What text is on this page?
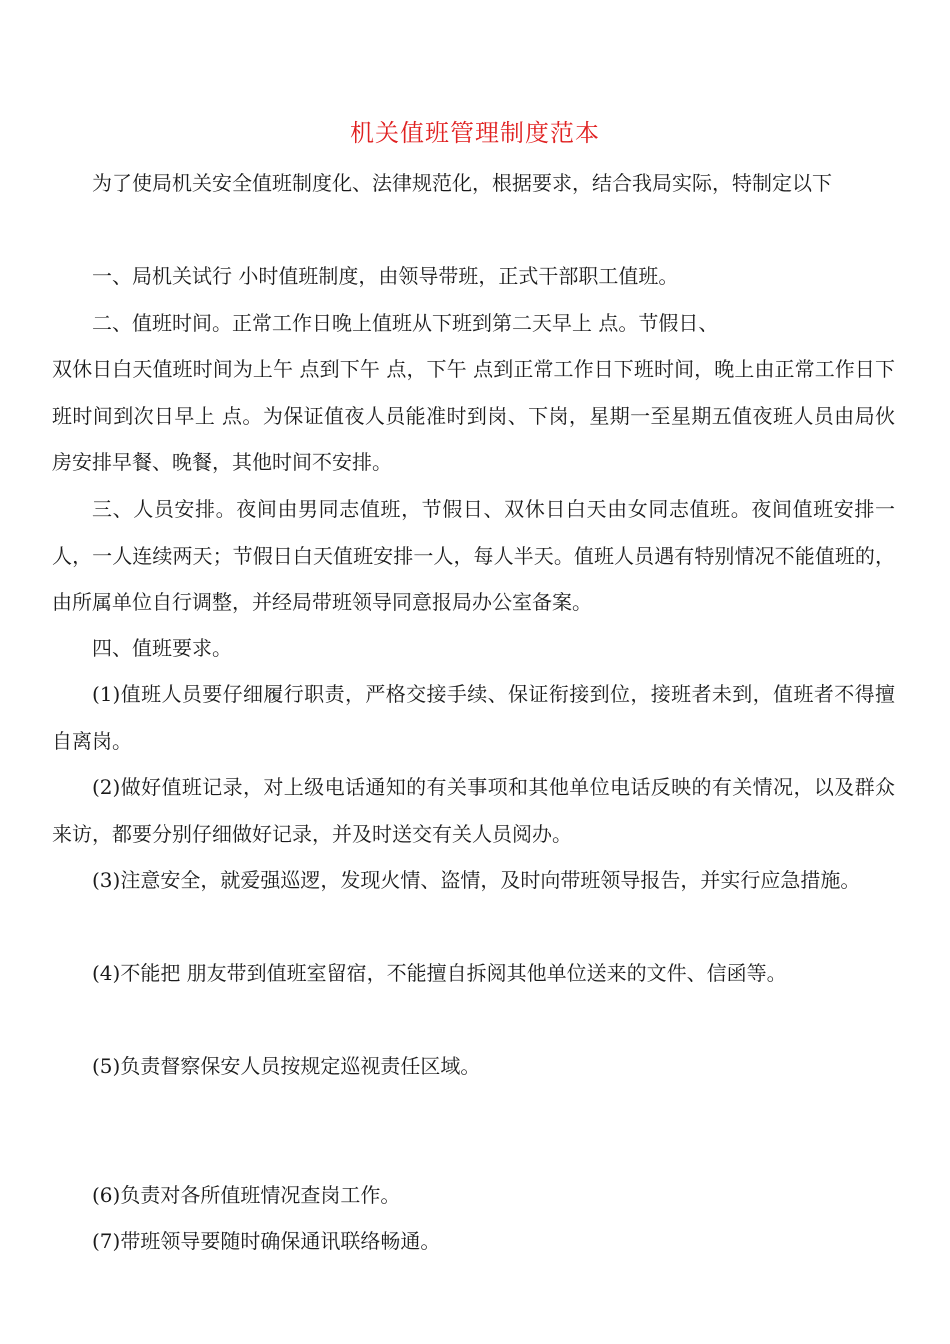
机关值班管理制度范本

为了使局机关安全值班制度化、法律规范化，根据要求，结合我局实际，特制定以下

一、局机关试行 小时值班制度，由领导带班，正式干部职工值班。

二、值班时间。正常工作日晚上值班从下班到第二天早上 点。节假日、

双休日白天值班时间为上午 点到下午 点，下午 点到正常工作日下班时间，晚上由正常工作日下班时间到次日早上 点。为保证值夜人员能准时到岗、下岗，星期一至星期五值夜班人员由局伙房安排早餐、晚餐，其他时间不安排。

三、人员安排。夜间由男同志值班，节假日、双休日白天由女同志值班。夜间值班安排一人，一人连续两天；节假日白天值班安排一人，每人半天。值班人员遇有特别情况不能值班的，由所属单位自行调整，并经局带班领导同意报局办公室备案。

四、值班要求。

(1)值班人员要仔细履行职责，严格交接手续、保证衔接到位，接班者未到，值班者不得擅自离岗。

(2)做好值班记录，对上级电话通知的有关事项和其他单位电话反映的有关情况，以及群众来访，都要分别仔细做好记录，并及时送交有关人员阅办。

(3)注意安全，就爱强巡逻，发现火情、盗情，及时向带班领导报告，并实行应急措施。

(4)不能把 朋友带到值班室留宿，不能擅自拆阅其他单位送来的文件、信函等。

(5)负责督察保安人员按规定巡视责任区域。

(6)负责对各所值班情况查岗工作。

(7)带班领导要随时确保通讯联络畅通。
